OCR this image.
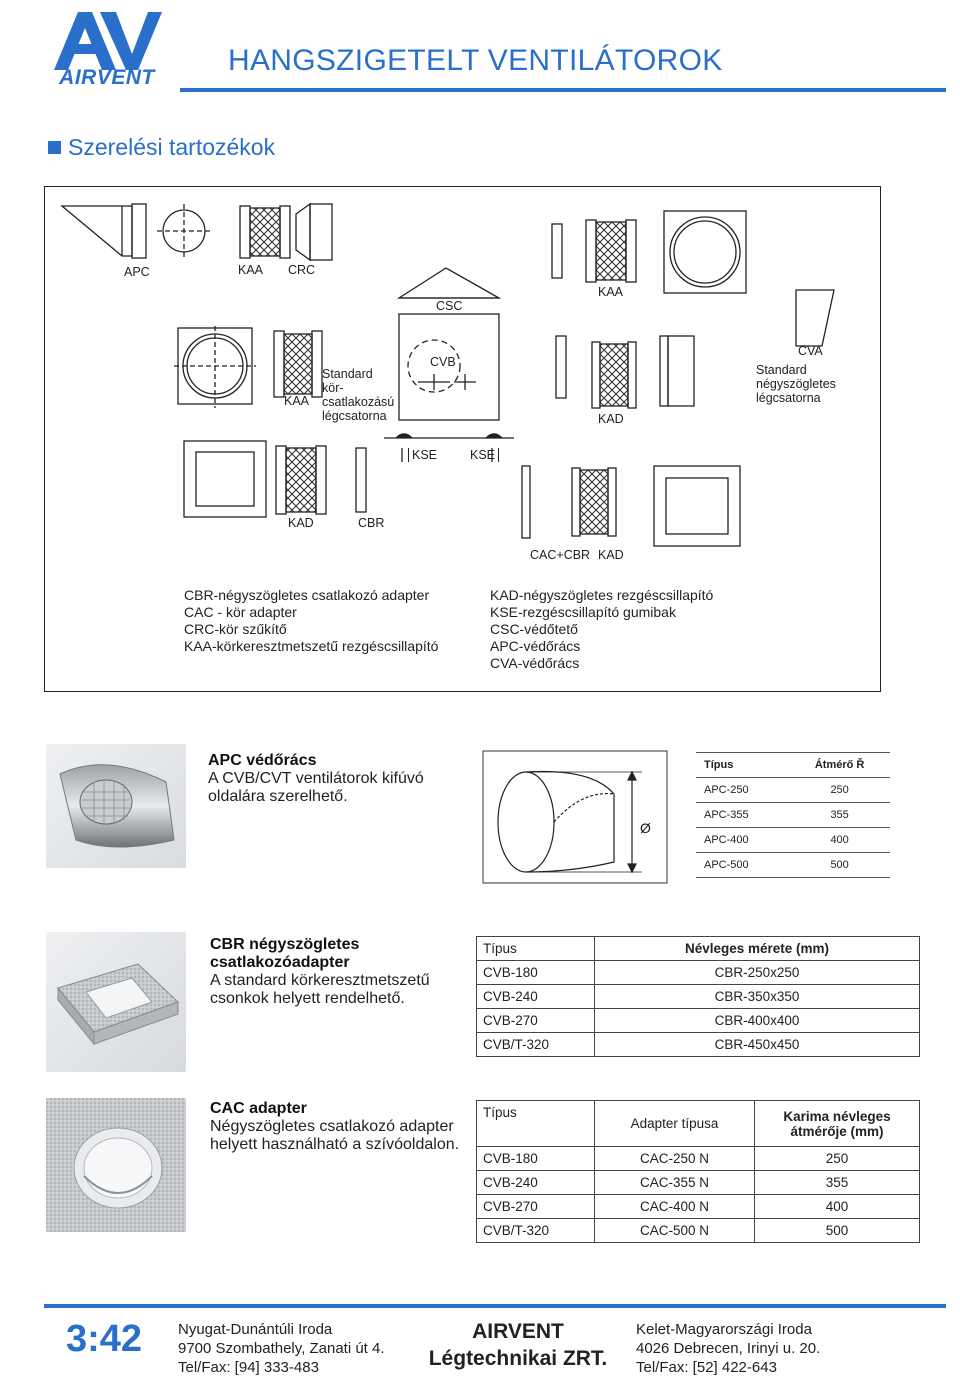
AIRVENT
HANGSZIGETELT VENTILÁTOROK
Szerelési tartozékok
APC	KAA CRC
CSC
KAA
CVA
KAA
Standard
kör-
csatlakozású
légcsatorna
CVB
KAD
Standard
négyszögletes
légcsatorna
KSE	KSE
KAD	CBR
CAC+CBR KAD
CBR-négyszögletes csatlakozó adapter
CAC - kör adapter
CRC-kör szűkítő
KAA-körkeresztmetszetű rezgéscsillapító
KAD-négyszögletes rezgéscsillapító
KSE-rezgéscsillapító gumibak
CSC-védőtető
APC-védőrács
CVA-védőrács
APC védőrács
A CVB/CVT ventilátorok kifúvó oldalára szerelhető.
Ø
Típus	Átmérő Ř
APC-250	250
APC-355	355
APC-400	400
APC-500	500
CBR négyszögletes csatlakozóadapter
A standard körkeresztmetszetű csonkok helyett rendelhető.
Típus	Névleges mérete (mm)
CVB-180	CBR-250x250
CVB-240	CBR-350x350
CVB-270	CBR-400x400
CVB/T-320	CBR-450x450
CAC adapter
Négyszögletes csatlakozó adapter helyett használható a szívóoldalon.
Típus	Adapter típusa	Karima névleges átmérője (mm)
CVB-180	CAC-250 N	250
CVB-240	CAC-355 N	355
CVB-270	CAC-400 N	400
CVB/T-320	CAC-500 N	500
3:42 Nyugat-Dunántúli Iroda
9700 Szombathely, Zanati út 4.
Tel/Fax: [94] 333-483
AIRVENT
Légtechnikai ZRT.
Kelet-Magyarországi Iroda
4026 Debrecen, Irinyi u. 20.
Tel/Fax: [52] 422-643
